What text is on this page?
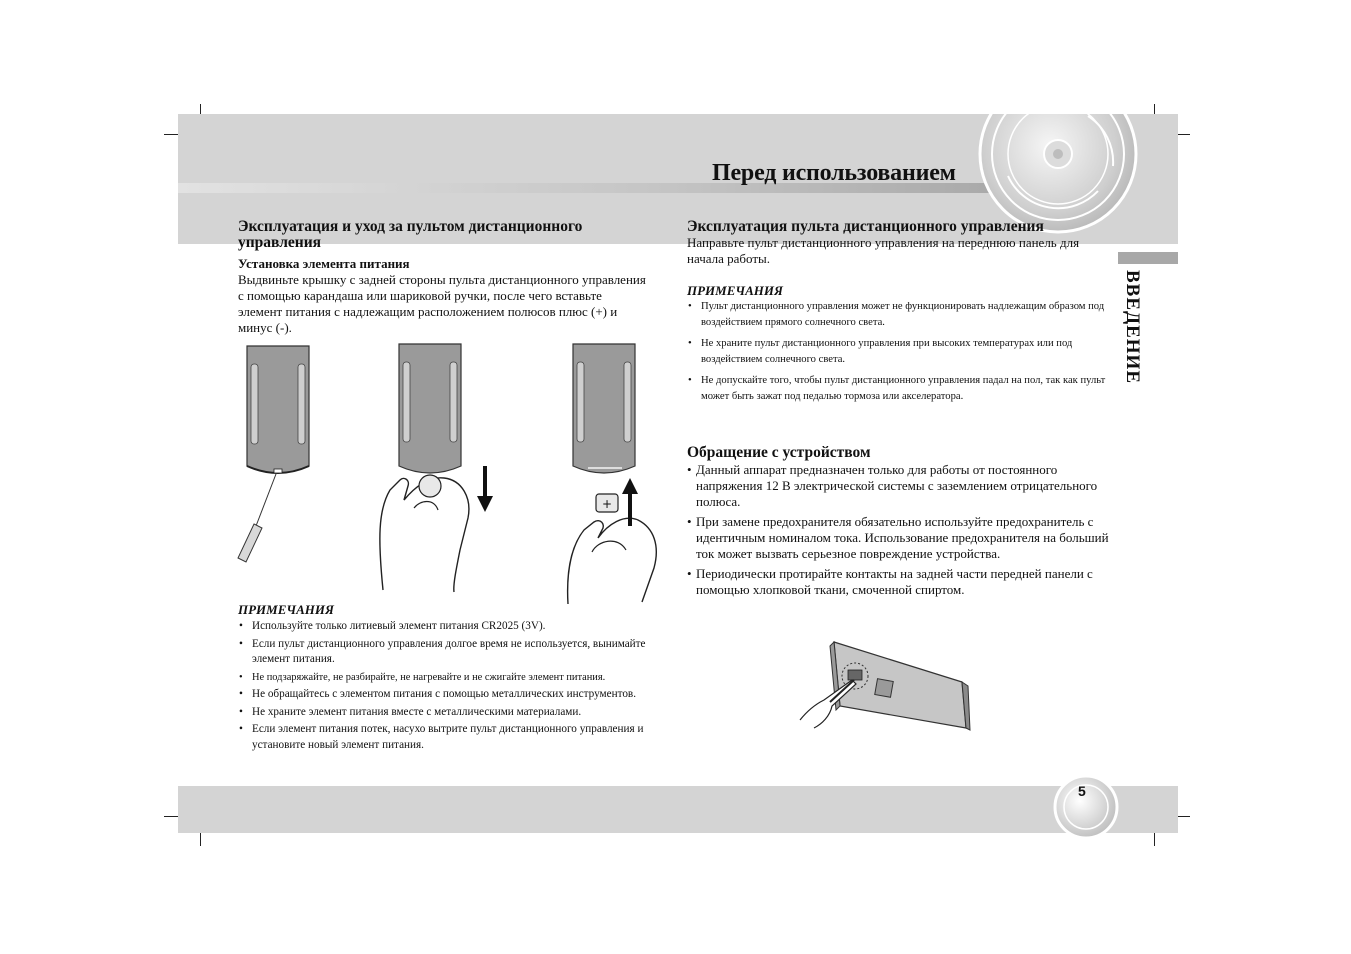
Перед использованием
ВВЕДЕНИЕ
Эксплуатация и уход за пультом дистанционного управления
Установка элемента питания
Выдвиньте крышку с задней стороны пульта дистанционного управления с помощью карандаша или шариковой ручки, после чего вставьте элемент питания с надлежащим расположением полюсов плюс (+) и минус (-).
+
ПРИМЕЧАНИЯ
• Используйте только литиевый элемент питания CR2025 (3V).
• Если пульт дистанционного управления долгое время не используется, вынимайте элемент питания.
• Не подзаряжайте, не разбирайте, не нагревайте и не сжигайте элемент питания.
• Не обращайтесь с элементом питания с помощью металлических инструментов.
• Не храните элемент питания вместе с металлическими материалами.
• Если элемент питания потек, насухо вытрите пульт дистанционного управления и установите новый элемент питания.
Эксплуатация пульта дистанционного управления
Направьте пульт дистанционного управления на переднюю панель для начала работы.
ПРИМЕЧАНИЯ
• Пульт дистанционного управления может не функционировать надлежащим образом под воздействием прямого солнечного света.
• Не храните пульт дистанционного управления при высоких температурах или под воздействием солнечного света.
• Не допускайте того, чтобы пульт дистанционного управления падал на пол, так как пульт может быть зажат под педалью тормоза или акселератора.
Обращение с устройством
• Данный аппарат предназначен только для работы от постоянного напряжения 12 В электрической системы с заземлением отрицательного полюса.
• При замене предохранителя обязательно используйте предохранитель с идентичным номиналом тока. Использование предохранителя на больший ток может вызвать серьезное повреждение устройства.
• Периодически протирайте контакты на задней части передней панели с помощью хлопковой ткани, смоченной спиртом.
5
